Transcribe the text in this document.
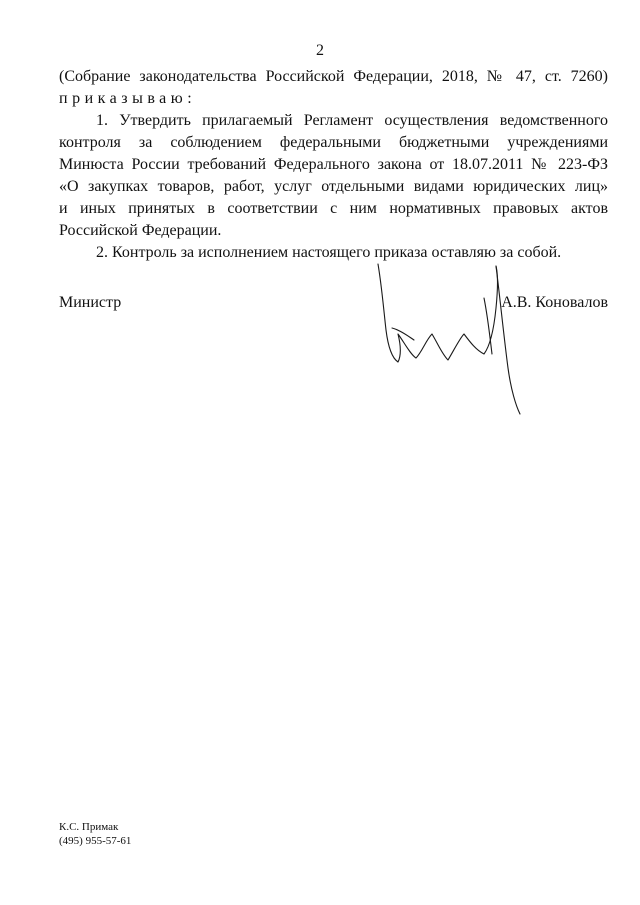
2
(Собрание законодательства Российской Федерации, 2018, № 47, ст. 7260)
приказываю:
1. Утвердить прилагаемый Регламент осуществления ведомственного
контроля за соблюдением федеральными бюджетными учреждениями
Минюста России требований Федерального закона от 18.07.2011 № 223-ФЗ
«О закупках товаров, работ, услуг отдельными видами юридических лиц»
и иных принятых в соответствии с ним нормативных правовых актов
Российской Федерации.
2. Контроль за исполнением настоящего приказа оставляю за собой.
Министр	А.В. Коновалов
К.С. Примак
(495) 955-57-61
